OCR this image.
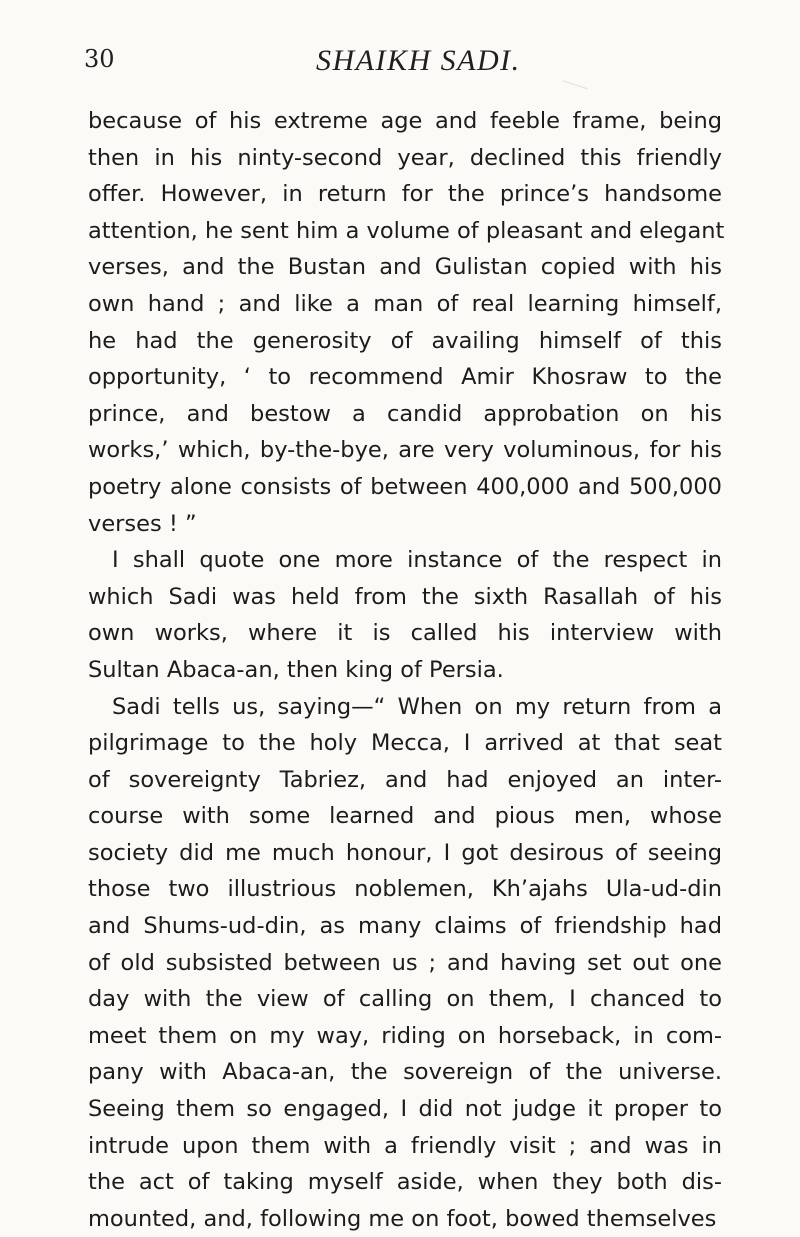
30	SHAIKH SADI.
because of his extreme age and feeble frame, being
then in his ninty-second year, declined this friendly
offer. However, in return for the prince’s handsome
attention, he sent him a volume of pleasant and elegant
verses, and the Bustan and Gulistan copied with his
own hand ; and like a man of real learning himself,
he had the generosity of availing himself of this
opportunity, ‘ to recommend Amir Khosraw to the
prince, and bestow a candid approbation on his
works,’ which, by-the-bye, are very voluminous, for his
poetry alone consists of between 400,000 and 500,000
verses ! ”
I shall quote one more instance of the respect in
which Sadi was held from the sixth Rasallah of his
own works, where it is called his interview with
Sultan Abaca-an, then king of Persia.
Sadi tells us, saying—“ When on my return from a
pilgrimage to the holy Mecca, I arrived at that seat
of sovereignty Tabriez, and had enjoyed an inter-
course with some learned and pious men, whose
society did me much honour, I got desirous of seeing
those two illustrious noblemen, Kh’ajahs Ula-ud-din
and Shums-ud-din, as many claims of friendship had
of old subsisted between us ; and having set out one
day with the view of calling on them, I chanced to
meet them on my way, riding on horseback, in com-
pany with Abaca-an, the sovereign of the universe.
Seeing them so engaged, I did not judge it proper to
intrude upon them with a friendly visit ; and was in
the act of taking myself aside, when they both dis-
mounted, and, following me on foot, bowed themselves
